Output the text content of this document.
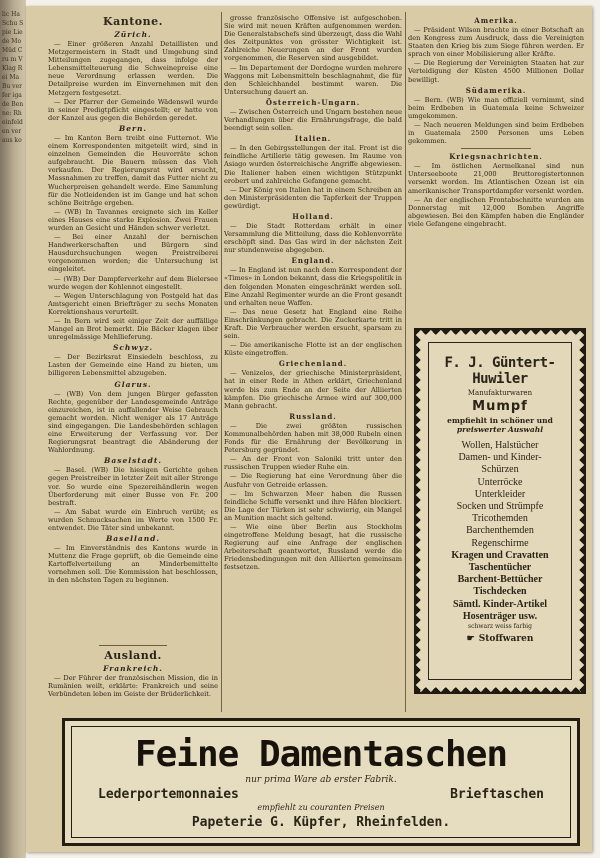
lic Ha Schu Spie Liede Mo Müd Cru m V Klag Rei Ma Bu ver fer iga de Ben ne: Rheinfelden ver aus ko
Kantone.
Zürich.

— Einer größeren Anzahl Detaillisten und Metzgermeistern in Stadt und Umgebung sind Mitteilungen zugegangen, dass infolge der Lebensmittelteuerung die Schweinepreise eine neue Verordnung erlassen werden. Die Detailpreise wurden im Einvernehmen mit den Metzgern festgesetzt.

— Der Pfarrer der Gemeinde Wädenswil wurde in seiner Predigtpflicht eingestellt; er hatte von der Kanzel aus gegen die Behörden geredet.

Bern.

— Im Kanton Bern treibt eine Futternot. Wie einem Korrespondenten mitgeteilt wird, sind in einzelnen Gemeinden die Heuvorräte schon aufgebraucht. Die Bauern müssen das Vieh verkaufen. Der Regierungsrat wird ersucht, Massnahmen zu treffen, damit das Futter nicht zu Wucherpreisen gehandelt werde. Eine Sammlung für die Notleidenden ist im Gange und hat schon schöne Beiträge ergeben.

— (WB) In Tavannes ereignete sich im Keller eines Hauses eine starke Explosion. Zwei Frauen wurden an Gesicht und Händen schwer verletzt.

— Bei einer Anzahl der bernischen Handwerkerschaften und Bürgern sind Hausdurchsuchungen wegen Preistreiberei vorgenommen worden; die Untersuchung ist eingeleitet.

— (WB) Der Dampferverkehr auf dem Bielersee wurde wegen der Kohlennot eingestellt.

— Wegen Unterschlagung von Postgeld hat das Amtsgericht einen Briefträger zu sechs Monaten Korrektionshaus verurteilt.

— In Bern wird seit einiger Zeit der auffällige Mangel an Brot bemerkt. Die Bäcker klagen über unregelmässige Mehllieferung.

Schwyz.

— Der Bezirksrat Einsiedeln beschloss, zu Lasten der Gemeinde eine Hand zu bieten, um billigeren Lebensmittel abzugeben.

Glarus.

— (WB) Von dem jungen Bürger gefassten Rechte, gegenüber der Landesgemeinde Anträge einzureichen, ist in auffallender Weise Gebrauch gemacht worden. Nicht weniger als 17 Anträge sind eingegangen. Die Landesbehörden schlagen eine Erweiterung der Verfassung vor. Der Regierungsrat beantragt die Abänderung der Wahlordnung.

Baselstadt.

— Basel. (WB) Die hiesigen Gerichte gehen gegen Preistreiber in letzter Zeit mit aller Strenge vor. So wurde eine Spezereihändlerin wegen Überforderung mit einer Busse von Fr. 200 bestraft.

— Am Sabat wurde ein Einbruch verübt; es wurden Schmucksachen im Werte von 1500 Fr. entwendet. Die Täter sind unbekannt.

Baselland.

— Im Einverständnis des Kantons wurde in Muttenz die Frage geprüft, ob die Gemeinde eine Kartoffelverteilung an Minderbemittelte vornehmen soll. Die Kommission hat beschlossen, in den nächsten Tagen zu beginnen.

Ausland.
Frankreich.

— Der Führer der französischen Mission, die in Rumänien weilt, erklärte: Frankreich und seine Verbündeten leben im Geiste der Brüderlichkeit.

grosse französische Offensive ist aufgeschoben. Sie wird mit neuen Kräften aufgenommen werden. Die Generalstabschefs sind überzeugt, dass die Wahl des Zeitpunktes von grösster Wichtigkeit ist. Zahlreiche Neuerungen an der Front wurden vorgenommen, die Reserven sind ausgebildet.

— Im Departement der Dordogne wurden mehrere Waggons mit Lebensmitteln beschlagnahmt, die für den Schleichhandel bestimmt waren. Die Untersuchung dauert an.

Österreich-Ungarn.

— Zwischen Österreich und Ungarn bestehen neue Verhandlungen über die Ernährungsfrage, die bald beendigt sein sollen.

Italien.

— In den Gebirgsstellungen der ital. Front ist die feindliche Artillerie tätig gewesen. Im Raume von Asiago wurden österreichische Angriffe abgewiesen. Die Italiener haben einen wichtigen Stützpunkt erobert und zahlreiche Gefangene gemacht.

— Der König von Italien hat in einem Schreiben an den Ministerpräsidenten die Tapferkeit der Truppen gewürdigt.

Holland.

— Die Stadt Rotterdam erhält in einer Versammlung die Mitteilung, dass die Kohlenvorräte erschöpft sind. Das Gas wird in der nächsten Zeit nur stundenweise abgegeben.

England.

— In England ist nun nach dem Korrespondent der «Times» in London bekannt, dass die Kriegspolitik in den folgenden Monaten eingeschränkt werden soll. Eine Anzahl Regimenter wurde an die Front gesandt und erhalten neue Waffen.

— Das neue Gesetz hat England eine Reihe Einschränkungen gebracht. Die Zuckerkarte tritt in Kraft. Die Verbraucher werden ersucht, sparsam zu sein.

— Die amerikanische Flotte ist an der englischen Küste eingetroffen.

Griechenland.

— Venizelos, der griechische Ministerpräsident, hat in einer Rede in Athen erklärt, Griechenland werde bis zum Ende an der Seite der Alliierten kämpfen. Die griechische Armee wird auf 300,000 Mann gebracht.

Russland.

— Die zwei größten russischen Kommunalbehörden haben mit 38,000 Rubeln einen Fonds für die Ernährung der Bevölkerung in Petersburg gegründet.

— An der Front von Saloniki tritt unter den russischen Truppen wieder Ruhe ein.

— Die Regierung hat eine Verordnung über die Ausfuhr von Getreide erlassen.

— Im Schwarzen Meer haben die Russen feindliche Schiffe versenkt und ihre Häfen blockiert. Die Lage der Türken ist sehr schwierig, ein Mangel an Munition macht sich geltend.

— Wie eine über Berlin aus Stockholm eingetroffene Meldung besagt, hat die russische Regierung auf eine Anfrage der englischen Arbeiterschaft geantwortet, Russland werde die Friedensbedingungen mit den Alliierten gemeinsam festsetzen.

Amerika.

— Präsident Wilson brachte in einer Botschaft an den Kongress zum Ausdruck, dass die Vereinigten Staaten den Krieg bis zum Siege führen werden. Er sprach von einer Mobilisierung aller Kräfte.

— Die Regierung der Vereinigten Staaten hat zur Verteidigung der Küsten 4500 Millionen Dollar bewilligt.

Südamerika.

— Bern. (WB) Wie man offiziell vernimmt, sind beim Erdbeben in Guatemala keine Schweizer umgekommen.

— Nach neueren Meldungen sind beim Erdbeben in Guatemala 2500 Personen ums Leben gekommen.

Kriegsnachrichten.

— Im östlichen Aermelkanal sind nun Unterseeboote 21,000 Bruttoregistertonnen versenkt worden. Im Atlantischen Ozean ist ein amerikanischer Transportdampfer versenkt worden.

— An der englischen Frontabschnitte wurden am Donnerstag mit 12,000 Bomben Angriffe abgewiesen. Bei den Kämpfen haben die Engländer viele Gefangene eingebracht.

F. J. Güntert-Huwiler
Manufakturwaren
Mumpf
empfiehlt in schöner und
preiswerter Auswahl
Wollen, Halstücher
Damen- und Kinder-
Schürzen
Unterröcke
Unterkleider
Socken und Strümpfe
Tricothemden
Barchenthemden
Regenschirme
Kragen und Cravatten
Taschentücher
Barchent-Bettücher
Tischdecken
Sämtl. Kinder-Artikel
Hosenträger usw.
schwarz weiss farbig
☛ Stoffwaren
Feine Damentaschen
nur prima Ware ab erster Fabrik.
Lederportemonnaies	Brieftaschen
empfiehlt zu couranten Preisen
Papeterie G. Küpfer, Rheinfelden.
